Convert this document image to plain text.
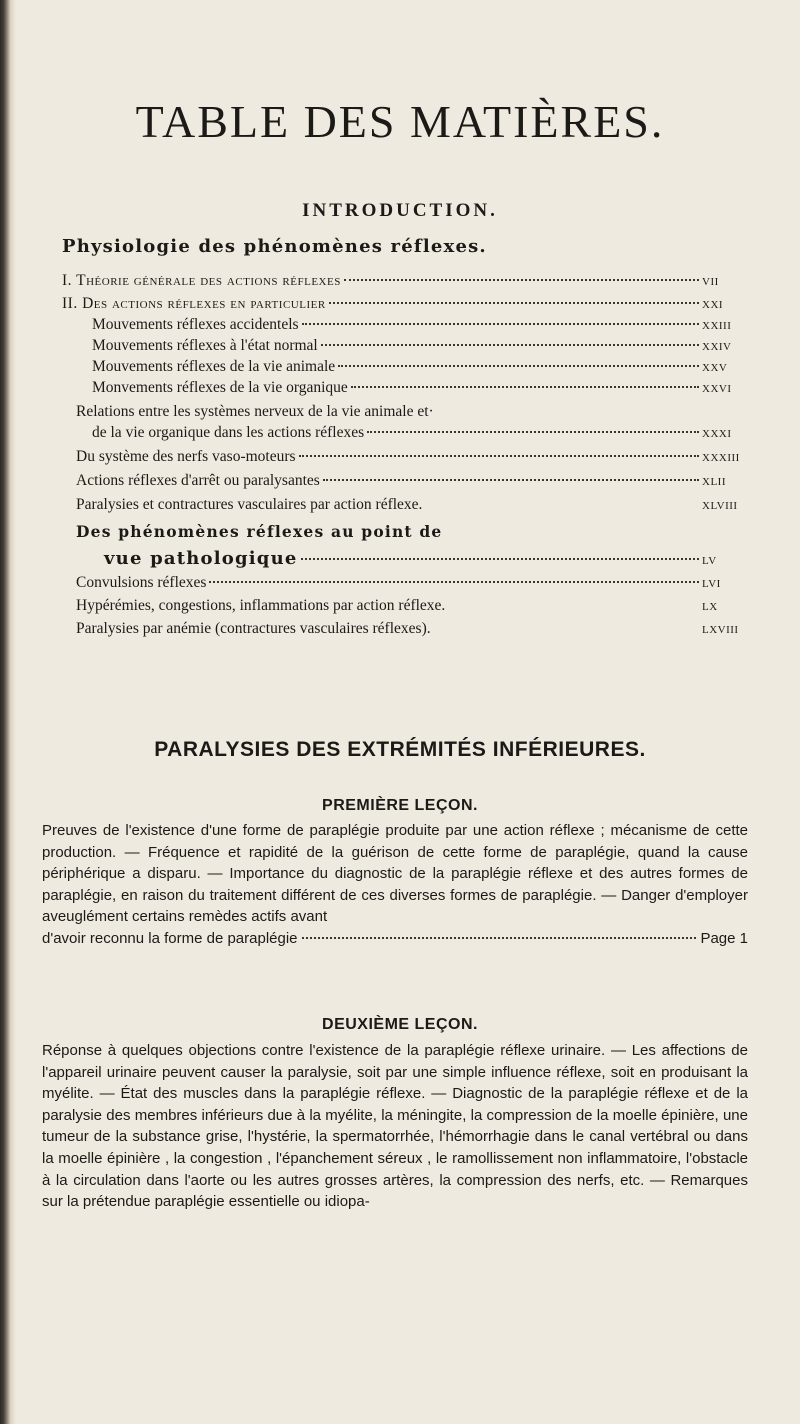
TABLE DES MATIÈRES.
INTRODUCTION.
Physiologie des phénomènes réflexes.
I. Théorie générale des actions réflexes	vii
II. Des actions réflexes en particulier	xxi
Mouvements réflexes accidentels	xxiii
Mouvements réflexes à l'état normal	xxiv
Mouvements réflexes de la vie animale	xxv
Monvements réflexes de la vie organique	xxvi
Relations entre les systèmes nerveux de la vie animale et·
de la vie organique dans les actions réflexes	xxxi
Du système des nerfs vaso-moteurs	xxxiii
Actions réflexes d'arrêt ou paralysantes	xlii
Paralysies et contractures vasculaires par action réflexe.	xlviii
Des phénomènes réflexes au point de
vue pathologique	lv
Convulsions réflexes	lvi
Hypérémies, congestions, inflammations par action réflexe.	lx
Paralysies par anémie (contractures vasculaires réflexes).	lxviii
PARALYSIES DES EXTRÉMITÉS INFÉRIEURES.
PREMIÈRE LEÇON.

Preuves de l'existence d'une forme de paraplégie produite par une action réflexe ; mécanisme de cette production. — Fréquence et rapidité de la guérison de cette forme de paraplégie, quand la cause périphérique a disparu. — Importance du diagnostic de la paraplégie réflexe et des autres formes de paraplégie, en raison du traitement différent de ces diverses formes de paraplégie. — Danger d'employer aveuglément certains remèdes actifs avant

d'avoir reconnu la forme de paraplégie	Page 1
DEUXIÈME LEÇON.

Réponse à quelques objections contre l'existence de la paraplégie réflexe urinaire. — Les affections de l'appareil urinaire peuvent causer la paralysie, soit par une simple influence réflexe, soit en produisant la myélite. — État des muscles dans la paraplégie réflexe. — Diagnostic de la paraplégie réflexe et de la paralysie des membres inférieurs due à la myélite, la méningite, la compression de la moelle épinière, une tumeur de la substance grise, l'hystérie, la spermatorrhée, l'hémorrhagie dans le canal vertébral ou dans la moelle épinière , la congestion , l'épanchement séreux , le ramollissement non inflammatoire, l'obstacle à la circulation dans l'aorte ou les autres grosses artères, la compression des nerfs, etc. — Remarques sur la prétendue paraplégie essentielle ou idiopa-
